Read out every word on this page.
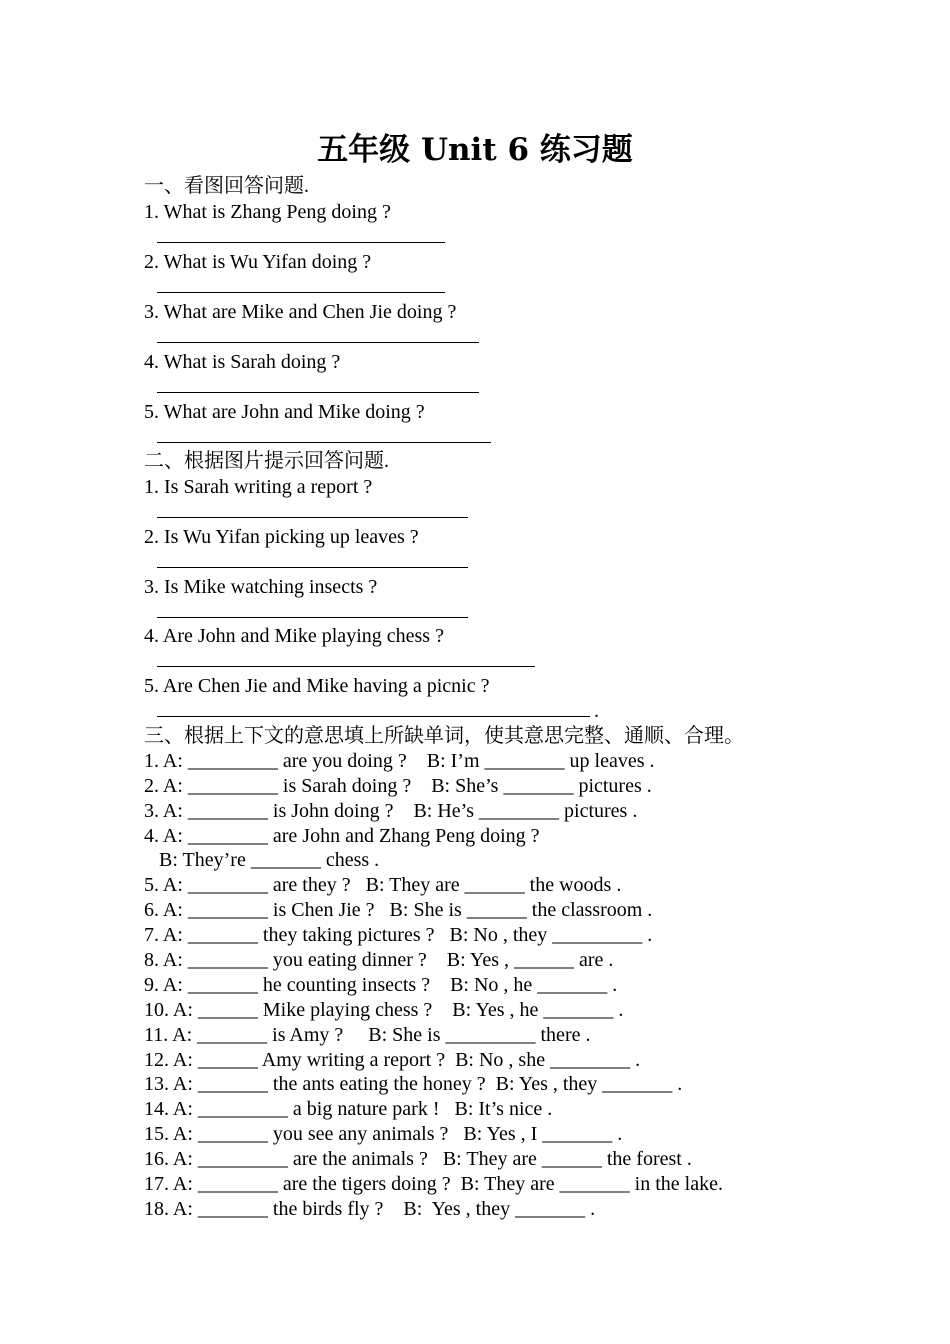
五年级 Unit 6 练习题
一、看图回答问题.
1. What is Zhang Peng doing ?
2. What is Wu Yifan doing ?
3. What are Mike and Chen Jie doing ?
4. What is Sarah doing ?
5. What are John and Mike doing ?
二、根据图片提示回答问题.
1. Is Sarah writing a report ?
2. Is Wu Yifan picking up leaves ?
3. Is Mike watching insects ?
4. Are John and Mike playing chess ?
5. Are Chen Jie and Mike having a picnic ?
.
三、根据上下文的意思填上所缺单词，使其意思完整、通顺、合理。
1. A: _________ are you doing ?    B: I’m ________ up leaves .
2. A: _________ is Sarah doing ?    B: She’s _______ pictures .
3. A: ________ is John doing ?    B: He’s ________ pictures .
4. A: ________ are John and Zhang Peng doing ?
B: They’re _______ chess .
5. A: ________ are they ?   B: They are ______ the woods .
6. A: ________ is Chen Jie ?   B: She is ______ the classroom .
7. A: _______ they taking pictures ?   B: No , they _________ .
8. A: ________ you eating dinner ?    B: Yes , ______ are .
9. A: _______ he counting insects ?    B: No , he _______ .
10. A: ______ Mike playing chess ?    B: Yes , he _______ .
11. A: _______ is Amy ?     B: She is _________ there .
12. A: ______ Amy writing a report ?  B: No , she ________ .
13. A: _______ the ants eating the honey ?  B: Yes , they _______ .
14. A: _________ a big nature park !   B: It’s nice .
15. A: _______ you see any animals ?   B: Yes , I _______ .
16. A: _________ are the animals ?   B: They are ______ the forest .
17. A: ________ are the tigers doing ?  B: They are _______ in the lake.
18. A: _______ the birds fly ?    B:  Yes , they _______ .
